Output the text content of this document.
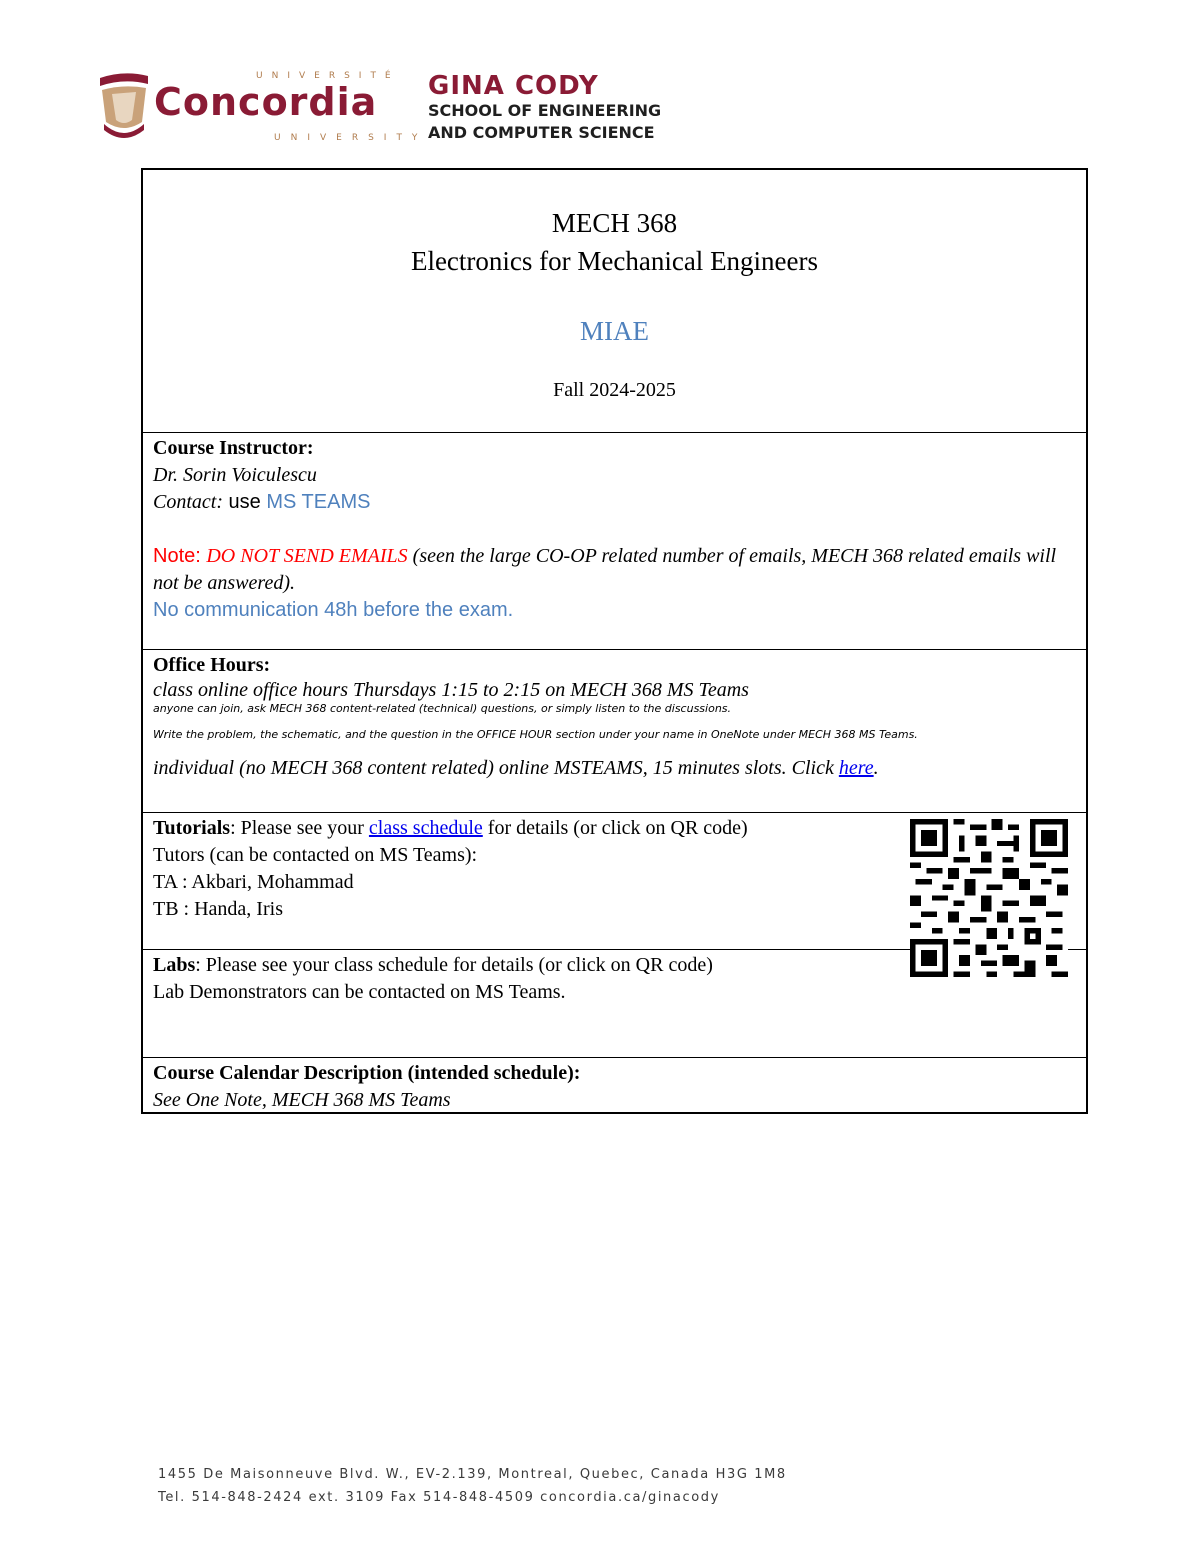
UNIVERSITÉ
Concordia
UNIVERSITY
GINA CODY
SCHOOL OF ENGINEERING
AND COMPUTER SCIENCE
MECH 368
Electronics for Mechanical Engineers
MIAE
Fall 2024-2025
Course Instructor:
Dr. Sorin Voiculescu
Contact: use MS TEAMS
Note: DO NOT SEND EMAILS (seen the large CO-OP related number of emails, MECH 368 related emails will not be answered).
No communication 48h before the exam.
Office Hours:
class online office hours Thursdays 1:15 to 2:15 on MECH 368 MS Teams
anyone can join, ask MECH 368 content-related (technical) questions, or simply listen to the discussions.
Write the problem, the schematic, and the question in the OFFICE HOUR section under your name in OneNote under MECH 368 MS Teams.
individual (no MECH 368 content related) online MSTEAMS, 15 minutes slots. Click here.
Tutorials: Please see your class schedule for details (or click on QR code)
Tutors (can be contacted on MS Teams):
TA : Akbari, Mohammad
TB : Handa, Iris
Labs: Please see your class schedule for details (or click on QR code)
Lab Demonstrators can be contacted on MS Teams.
Course Calendar Description (intended schedule):
See One Note, MECH 368 MS Teams
1455 De Maisonneuve Blvd. W., EV-2.139, Montreal, Quebec, Canada H3G 1M8
Tel. 514-848-2424 ext. 3109 Fax 514-848-4509 concordia.ca/ginacody
